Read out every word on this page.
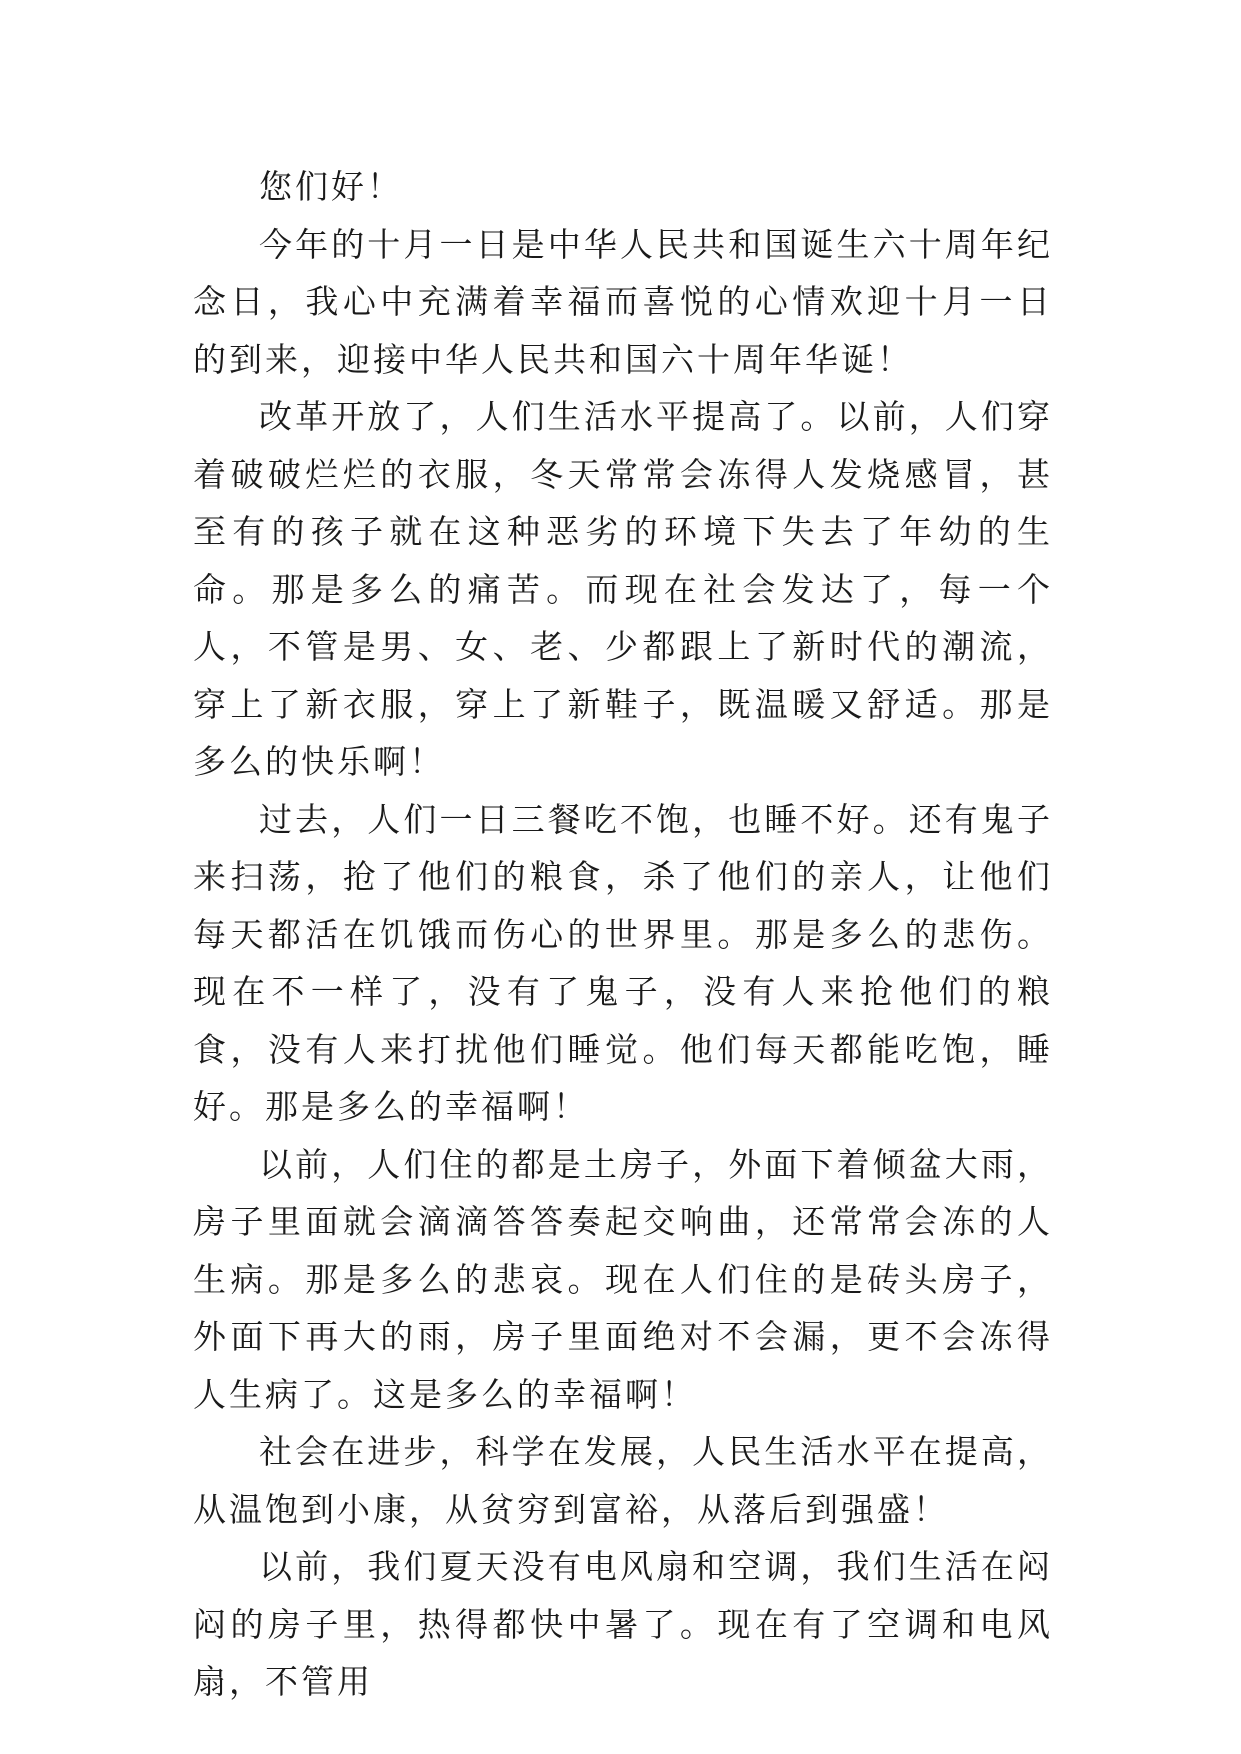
您们好！

今年的十月一日是中华人民共和国诞生六十周年纪念日，我心中充满着幸福而喜悦的心情欢迎十月一日的到来，迎接中华人民共和国六十周年华诞！

改革开放了，人们生活水平提高了。以前，人们穿着破破烂烂的衣服，冬天常常会冻得人发烧感冒，甚至有的孩子就在这种恶劣的环境下失去了年幼的生命。那是多么的痛苦。而现在社会发达了，每一个人，不管是男、女、老、少都跟上了新时代的潮流，穿上了新衣服，穿上了新鞋子，既温暖又舒适。那是多么的快乐啊！

过去，人们一日三餐吃不饱，也睡不好。还有鬼子来扫荡，抢了他们的粮食，杀了他们的亲人，让他们每天都活在饥饿而伤心的世界里。那是多么的悲伤。现在不一样了，没有了鬼子，没有人来抢他们的粮食，没有人来打扰他们睡觉。他们每天都能吃饱，睡好。那是多么的幸福啊！

以前，人们住的都是土房子，外面下着倾盆大雨，房子里面就会滴滴答答奏起交响曲，还常常会冻的人生病。那是多么的悲哀。现在人们住的是砖头房子，外面下再大的雨，房子里面绝对不会漏，更不会冻得人生病了。这是多么的幸福啊！

社会在进步，科学在发展，人民生活水平在提高，从温饱到小康，从贫穷到富裕，从落后到强盛！

以前，我们夏天没有电风扇和空调，我们生活在闷闷的房子里，热得都快中暑了。现在有了空调和电风扇，不管用
